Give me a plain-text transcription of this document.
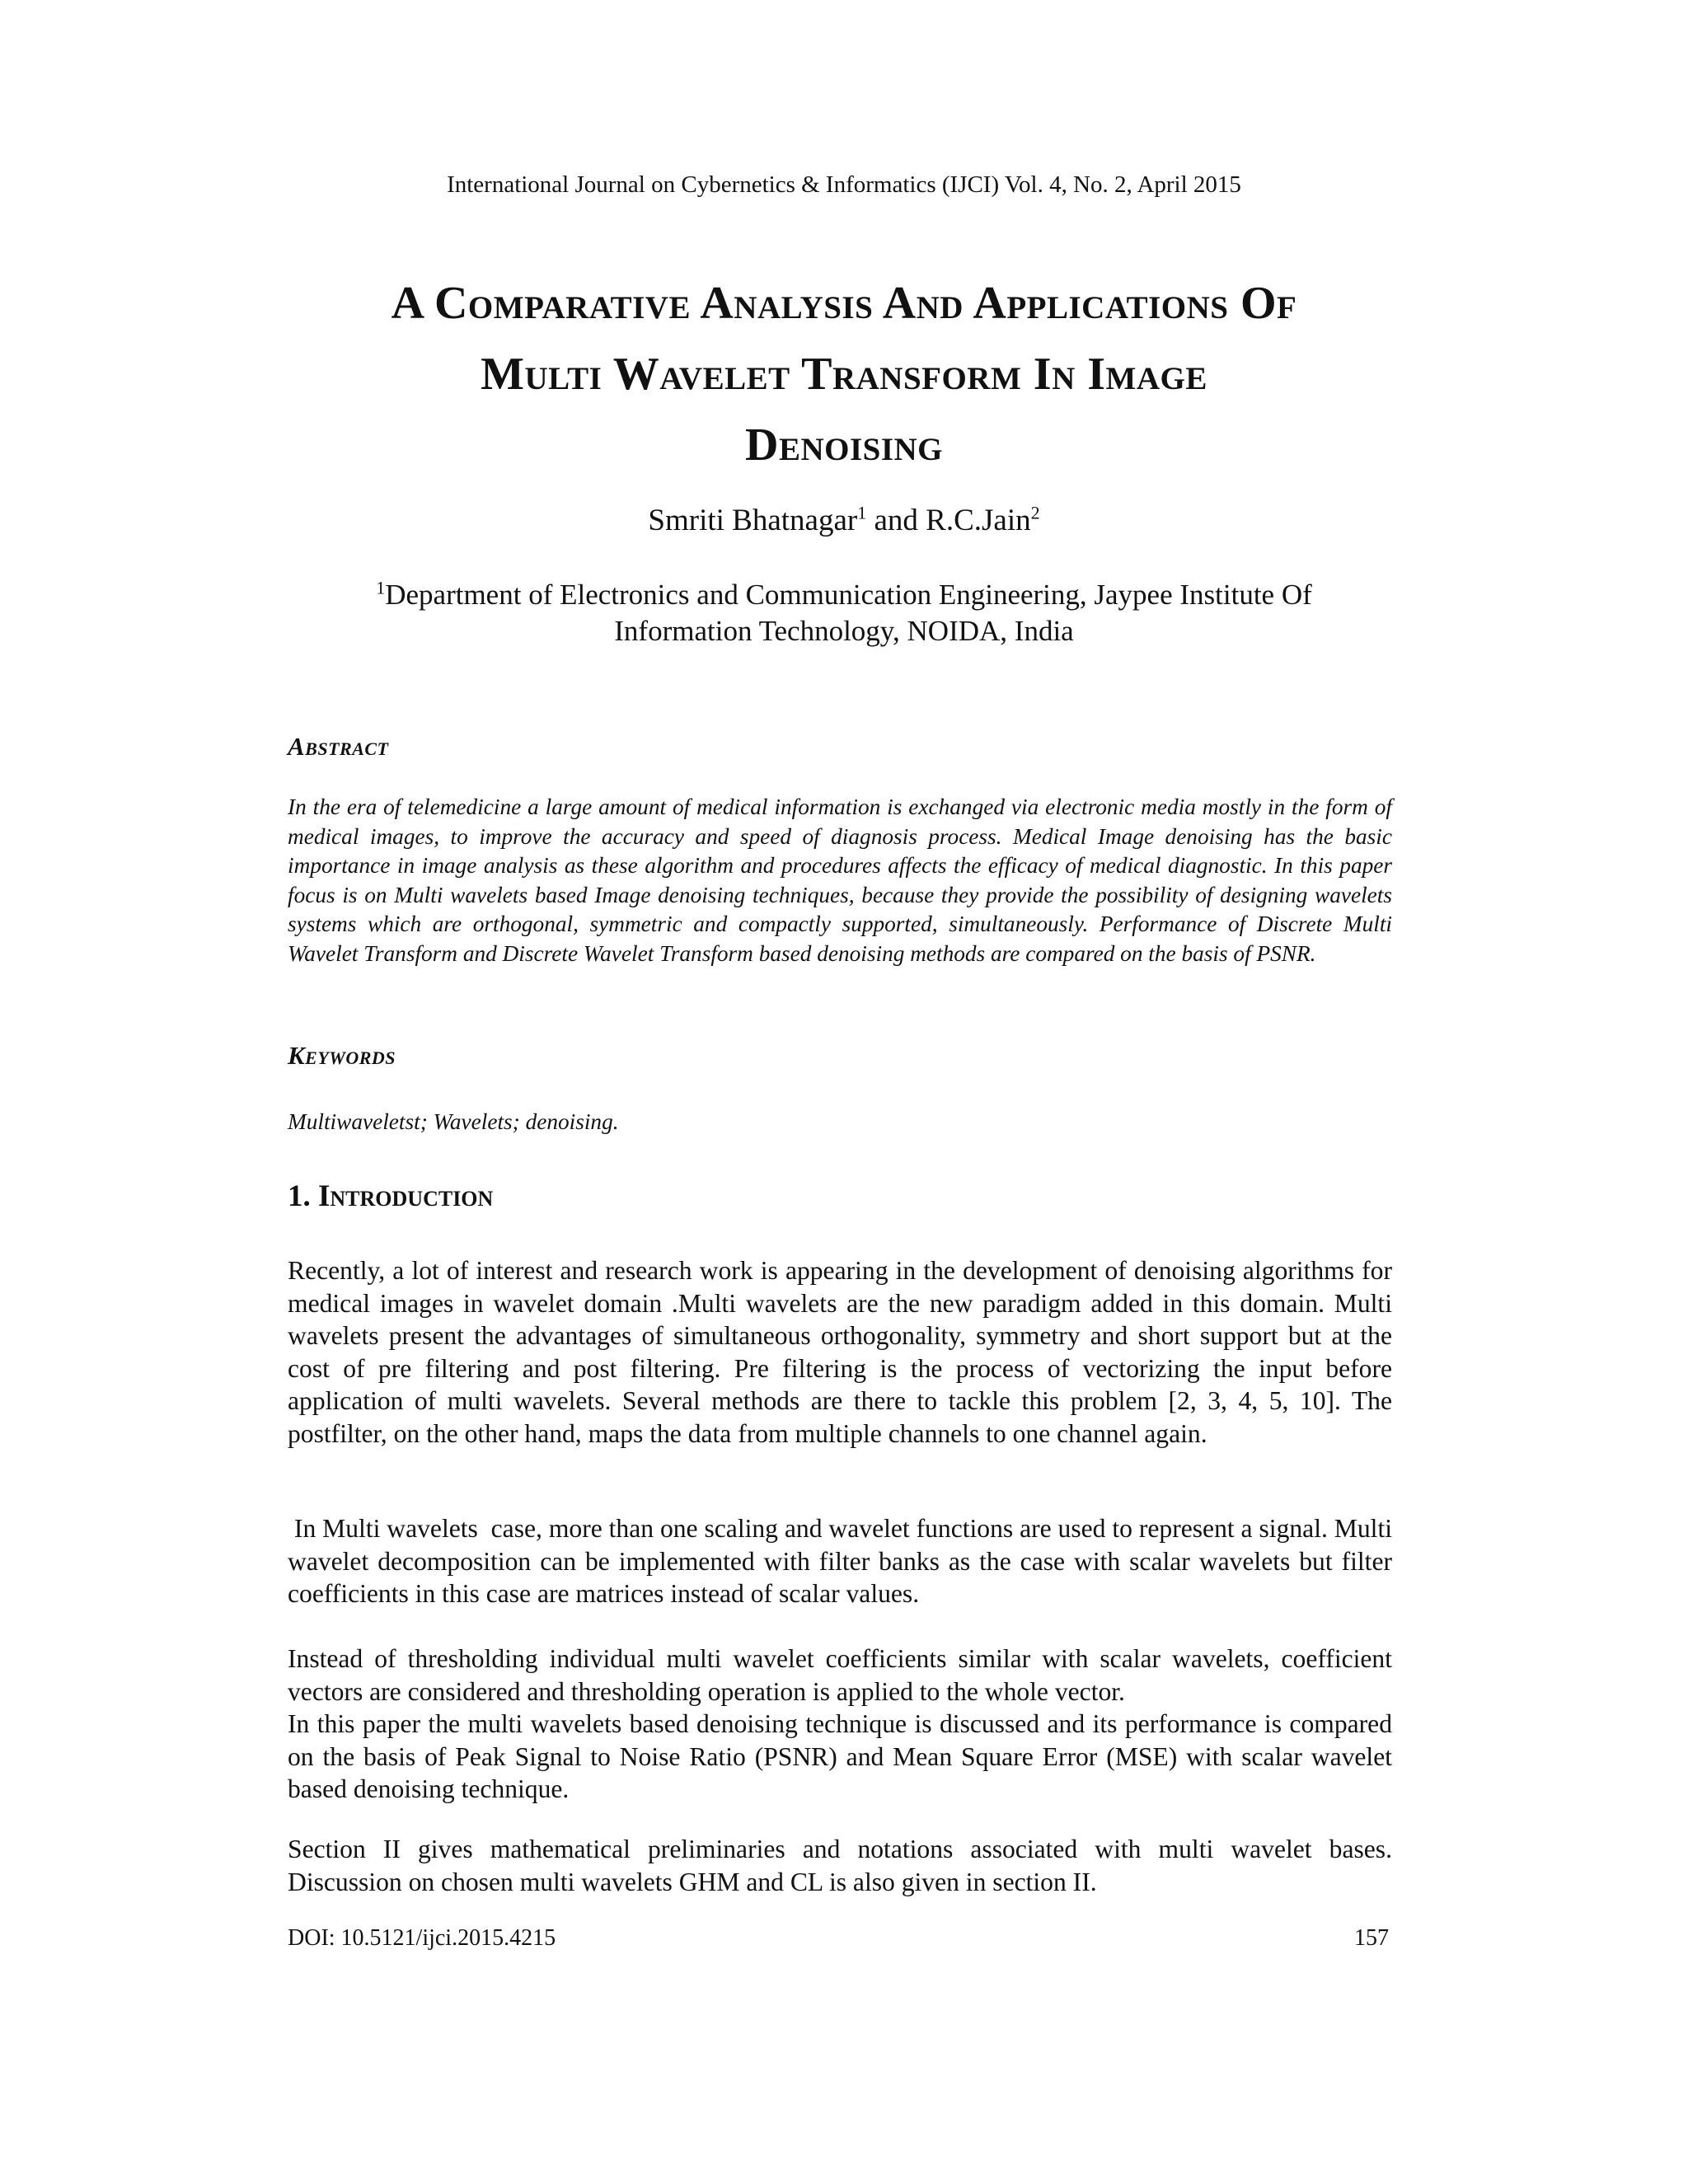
International Journal on Cybernetics & Informatics (IJCI) Vol. 4, No. 2, April 2015
A Comparative Analysis And Applications Of
Multi Wavelet Transform In Image
Denoising
Smriti Bhatnagar$^1$ and R.C.Jain$^2$
$^1$Department of Electronics and Communication Engineering, Jaypee Institute Of
Information Technology, NOIDA, India
Abstract
In the era of telemedicine a large amount of medical information is exchanged via electronic media mostly in the form of medical images, to improve the accuracy and speed of diagnosis process. Medical Image denoising has the basic importance in image analysis as these algorithm and procedures affects the efficacy of medical diagnostic. In this paper focus is on Multi wavelets based Image denoising techniques, because they provide the possibility of designing wavelets systems which are orthogonal, symmetric and compactly supported, simultaneously. Performance of Discrete Multi Wavelet Transform and Discrete Wavelet Transform based denoising methods are compared on the basis of PSNR.
Keywords
Multiwaveletst; Wavelets; denoising.
1. Introduction
Recently, a lot of interest and research work is appearing in the development of denoising algorithms for medical images in wavelet domain .Multi wavelets are the new paradigm added in this domain. Multi wavelets present the advantages of simultaneous orthogonality, symmetry and short support but at the cost of pre filtering and post filtering. Pre filtering is the process of vectorizing the input before application of multi wavelets. Several methods are there to tackle this problem [2, 3, 4, 5, 10]. The postfilter, on the other hand, maps the data from multiple channels to one channel again.
In Multi wavelets  case, more than one scaling and wavelet functions are used to represent a signal. Multi wavelet decomposition can be implemented with filter banks as the case with scalar wavelets but filter coefficients in this case are matrices instead of scalar values.
Instead of thresholding individual multi wavelet coefficients similar with scalar wavelets, coefficient vectors are considered and thresholding operation is applied to the whole vector.
In this paper the multi wavelets based denoising technique is discussed and its performance is compared on the basis of Peak Signal to Noise Ratio (PSNR) and Mean Square Error (MSE) with scalar wavelet based denoising technique.
Section II gives mathematical preliminaries and notations associated with multi wavelet bases. Discussion on chosen multi wavelets GHM and CL is also given in section II.
DOI: 10.5121/ijci.2015.4215	157
